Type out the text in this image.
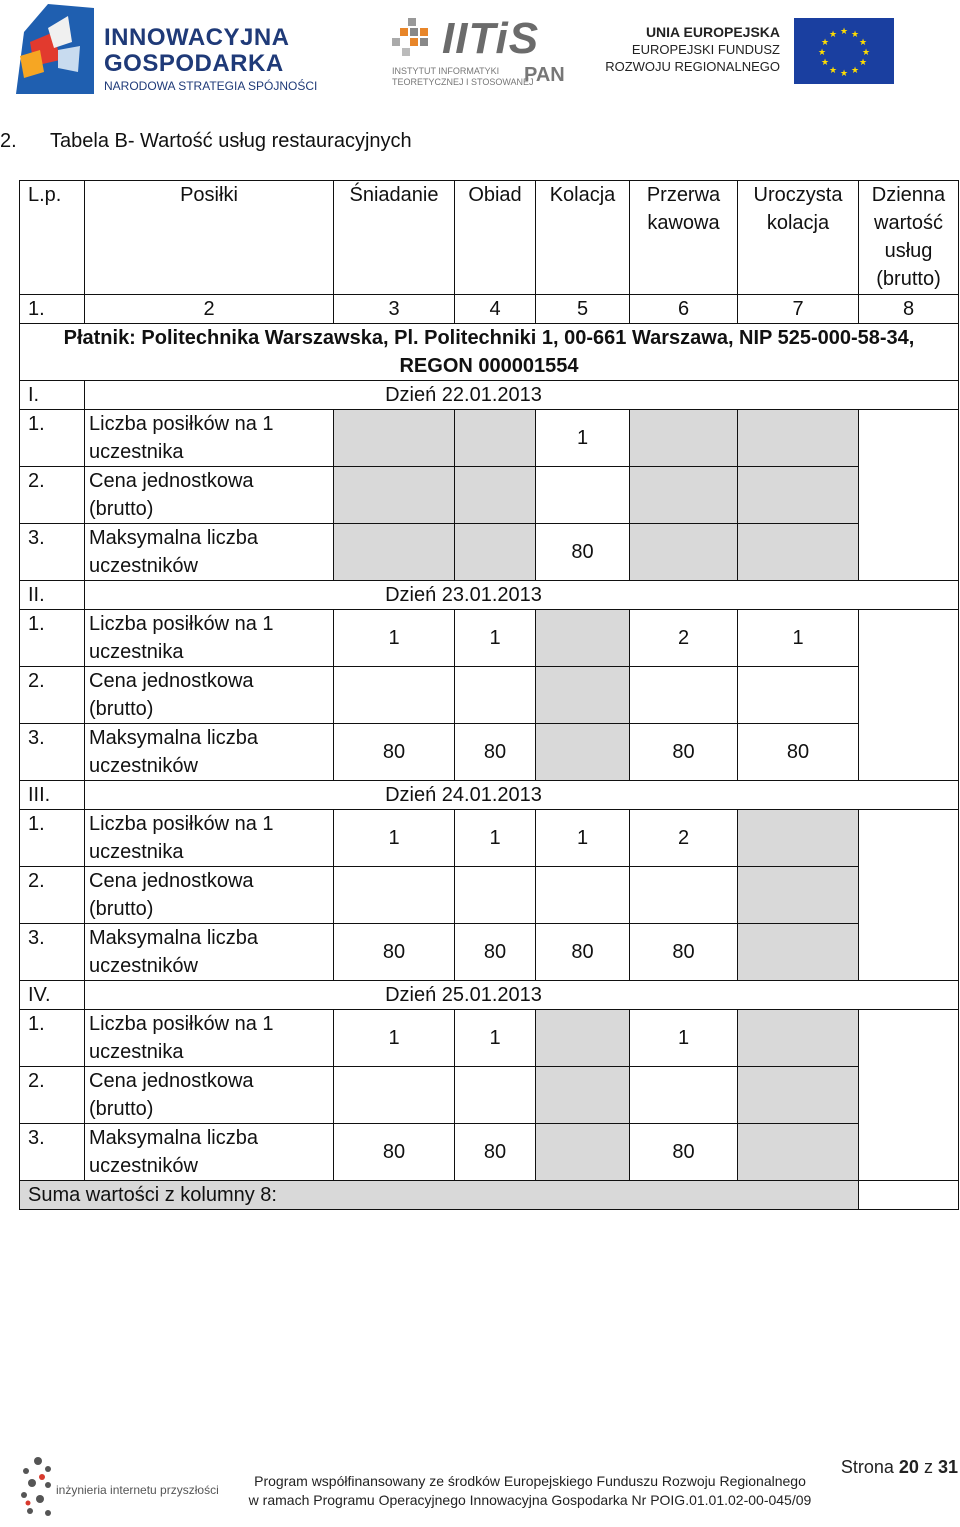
INNOWACYJNA
GOSPODARKA
NARODOWA STRATEGIA SPÓJNOŚCI
IITiS
INSTYTUT INFORMATYKI
TEORETYCZNEJ I STOSOWANEJ
PAN
UNIA EUROPEJSKA
EUROPEJSKI FUNDUSZ
ROZWOJU REGIONALNEGO
★ ★
★
★
★
★
★
★
★
★
★
★
2. Tabela B- Wartość usług restauracyjnych
L.p.	Posiłki	Śniadanie	Obiad	Kolacja	Przerwa kawowa	Uroczysta kolacja	Dzienna wartość usług (brutto)
1.	2	3	4	5	6	7	8

Płatnik: Politechnika Warszawska, Pl. Politechniki 1, 00-661 Warszawa, NIP 525-000-58-34,
REGON 000001554							

I.	Dzień 22.01.2013						
1.	Liczba posiłków na 1
uczestnika			1			
2.	Cena jednostkowa
(brutto)						

3.	Maksymalna liczba
uczestników			80			
II.	Dzień 23.01.2013						
1.	Liczba posiłków na 1
uczestnika	1	1		2	1	
2.	Cena jednostkowa
(brutto)						

3.	Maksymalna liczba
uczestników	80	80		80	80	
III.	Dzień 24.01.2013						
1.	Liczba posiłków na 1
uczestnika	1	1	1	2		
2.	Cena jednostkowa
(brutto)						

3.	Maksymalna liczba
uczestników	80	80	80	80		
IV.	Dzień 25.01.2013						
1.	Liczba posiłków na 1
uczestnika	1	1		1		
2.	Cena jednostkowa
(brutto)						

3.	Maksymalna liczba
uczestników	80	80		80		
Suma wartości z kolumny 8:							
inżynieria internetu przyszłości
Program współfinansowany ze środków Europejskiego Funduszu Rozwoju Regionalnego
w ramach Programu Operacyjnego Innowacyjna Gospodarka Nr POIG.01.01.02-00-045/09
Strona 20 z 31
